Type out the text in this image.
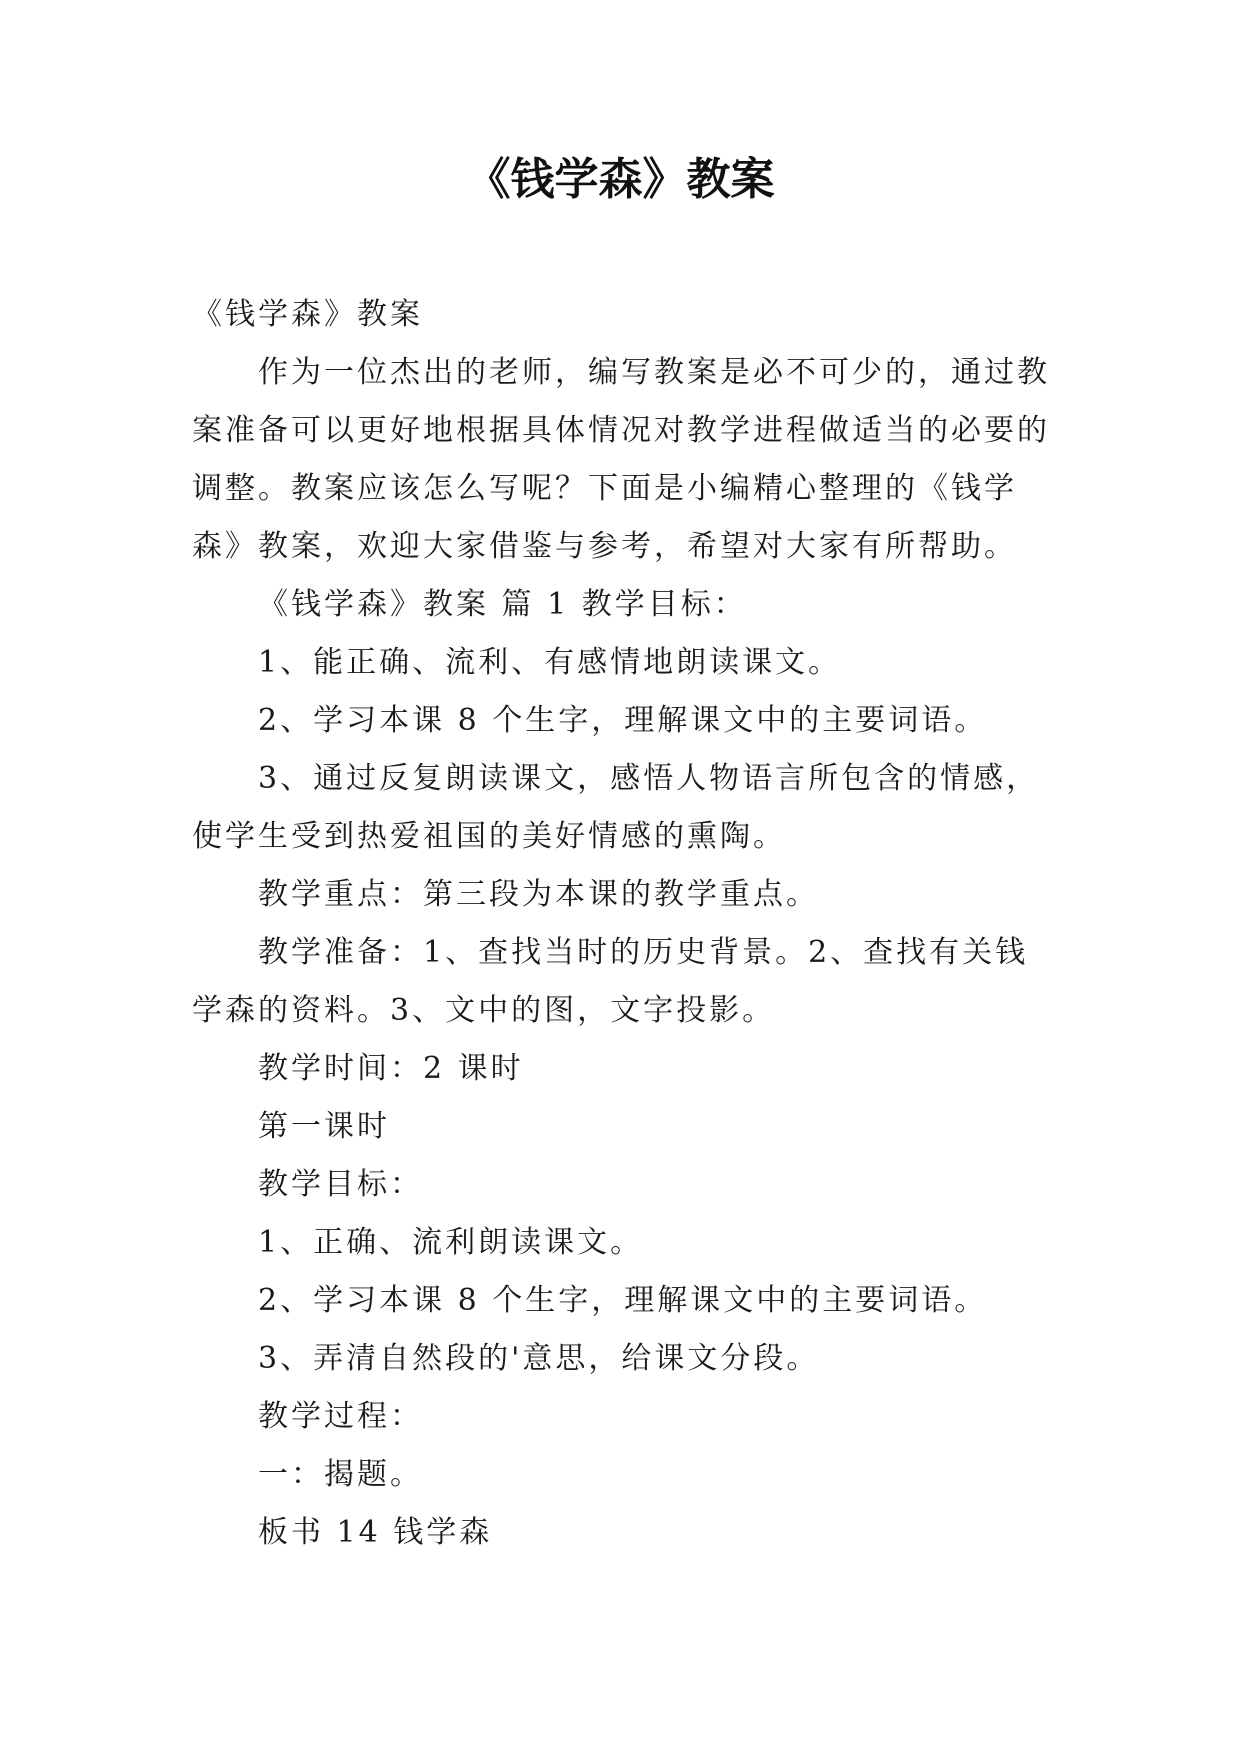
《钱学森》教案

《钱学森》教案

作为一位杰出的老师，编写教案是必不可少的，通过教案准备可以更好地根据具体情况对教学进程做适当的必要的调整。教案应该怎么写呢？下面是小编精心整理的《钱学森》教案，欢迎大家借鉴与参考，希望对大家有所帮助。

《钱学森》教案 篇 1 教学目标：

1、能正确、流利、有感情地朗读课文。

2、学习本课 8 个生字，理解课文中的主要词语。

3、通过反复朗读课文，感悟人物语言所包含的情感，使学生受到热爱祖国的美好情感的熏陶。

教学重点：第三段为本课的教学重点。

教学准备：1、查找当时的历史背景。2、查找有关钱学森的资料。3、文中的图，文字投影。

教学时间：2 课时

第一课时

教学目标：

1、正确、流利朗读课文。

2、学习本课 8 个生字，理解课文中的主要词语。

3、弄清自然段的'意思，给课文分段。

教学过程：

一：揭题。

板书 14 钱学森
